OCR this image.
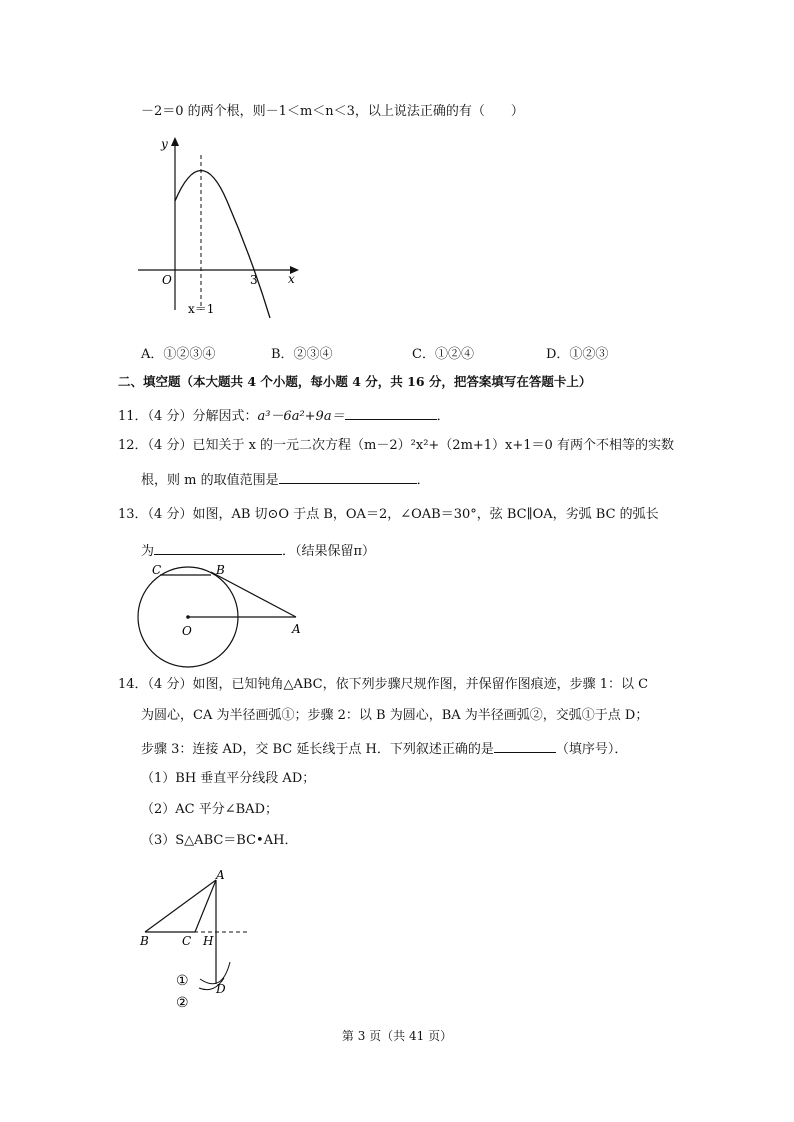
－2＝0 的两个根，则－1＜m＜n＜3，以上说法正确的有（　　）
y
x
O	3
x＝1
A．①②③④	B．②③④	C．①②④	D．①②③
二、填空题（本大题共 4 个小题，每小题 4 分，共 16 分，把答案填写在答题卡上）
11．（4 分）分解因式：a³－6a²+9a＝	．
12．（4 分）已知关于 x 的一元二次方程（m－2）²x²+（2m+1）x+1＝0 有两个不相等的实数
根，则 m 的取值范围是	．
13．（4 分）如图，AB 切⊙O 于点 B，OA＝2，∠OAB＝30°，弦 BC∥OA，劣弧 BC 的弧长
为	．（结果保留π）
C	B
O	A
14．（4 分）如图，已知钝角△ABC，依下列步骤尺规作图，并保留作图痕迹，步骤 1：以 C
为圆心，CA 为半径画弧①；步骤 2：以 B 为圆心，BA 为半径画弧②，交弧①于点 D；
步骤 3：连接 AD，交 BC 延长线于点 H．下列叙述正确的是	（填序号）．
（1）BH 垂直平分线段 AD；
（2）AC 平分∠BAD；
（3）S△ABC＝BC•AH．
A
B	C H
D
①
②
第 3 页（共 41 页）
